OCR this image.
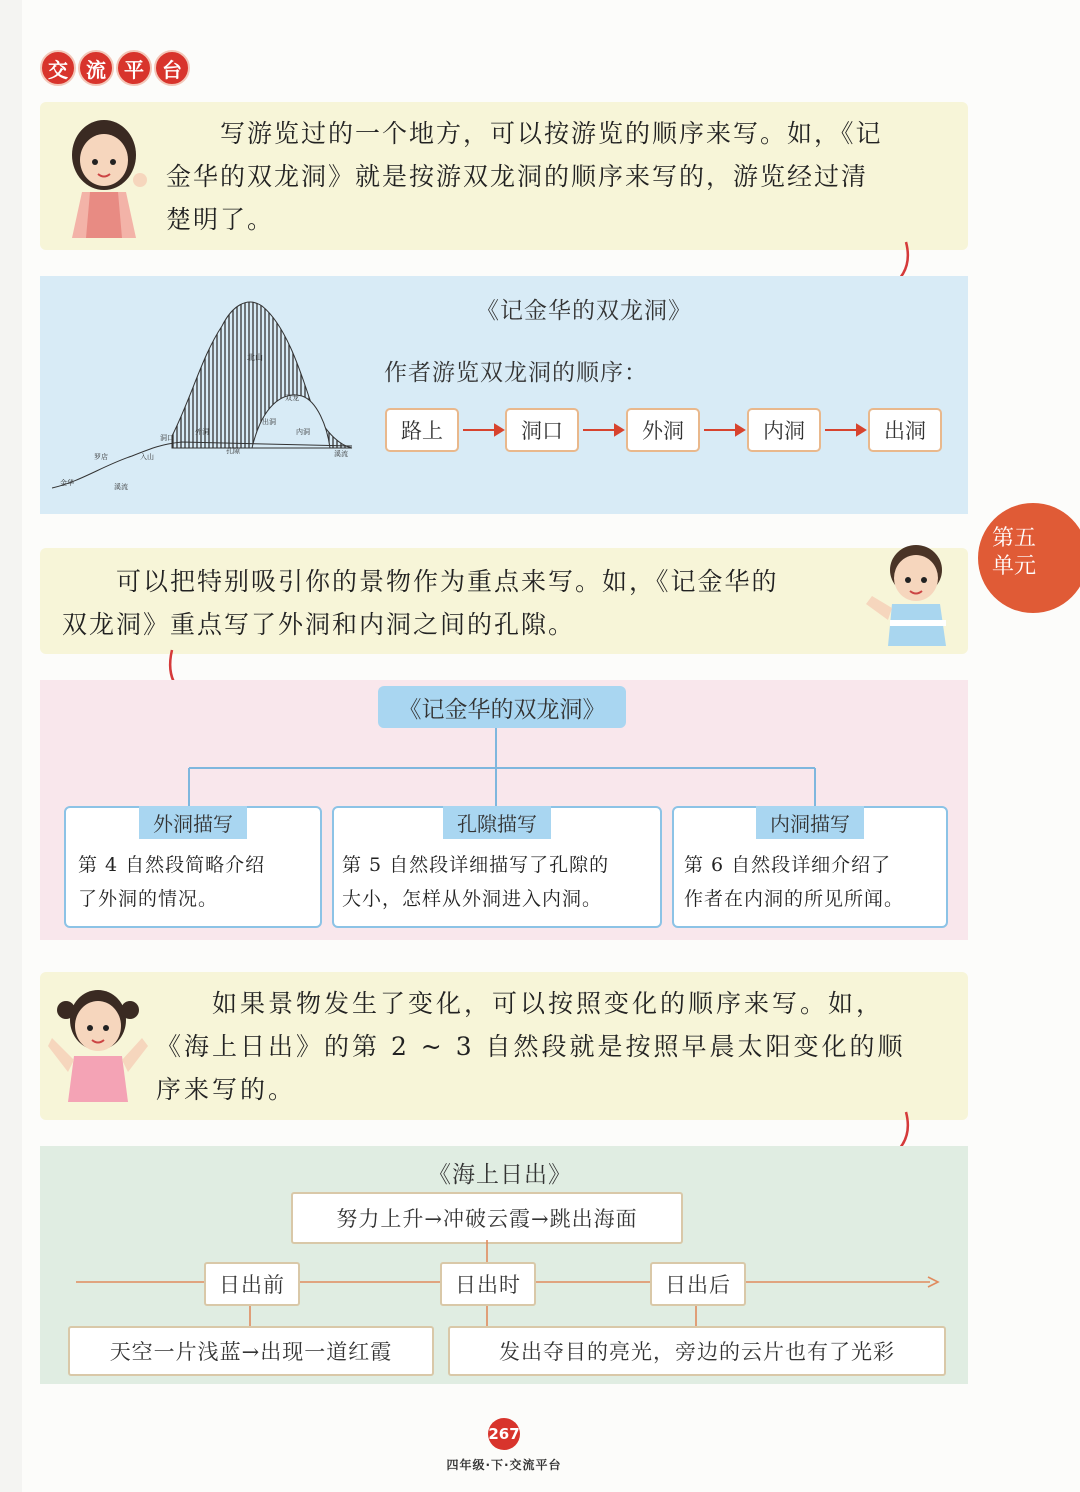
交 流 平 台
　　写游览过的一个地方，可以按游览的顺序来写。如，《记
金华的双龙洞》就是按游双龙洞的顺序来写的，游览经过清
楚明了。
北山
双龙
出洞
外洞	内洞
洞口
孔隙
入山
罗店
金华	溪流
溪流
《记金华的双龙洞》
作者游览双龙洞的顺序：
路上	洞口	外洞	内洞	出洞
第五
单元
　　可以把特别吸引你的景物作为重点来写。如，《记金华的
双龙洞》重点写了外洞和内洞之间的孔隙。
《记金华的双龙洞》
外洞描写
第 4 自然段简略介绍
了外洞的情况。
孔隙描写
第 5 自然段详细描写了孔隙的
大小，怎样从外洞进入内洞。
内洞描写
第 6 自然段详细介绍了
作者在内洞的所见所闻。
　　如果景物发生了变化，可以按照变化的顺序来写。如，
《海上日出》的第 2 ~ 3 自然段就是按照早晨太阳变化的顺
序来写的。
《海上日出》
努力上升→冲破云霞→跳出海面
日出前	日出时	日出后
天空一片浅蓝→出现一道红霞	发出夺目的亮光，旁边的云片也有了光彩
267
四年级·下·交流平台
